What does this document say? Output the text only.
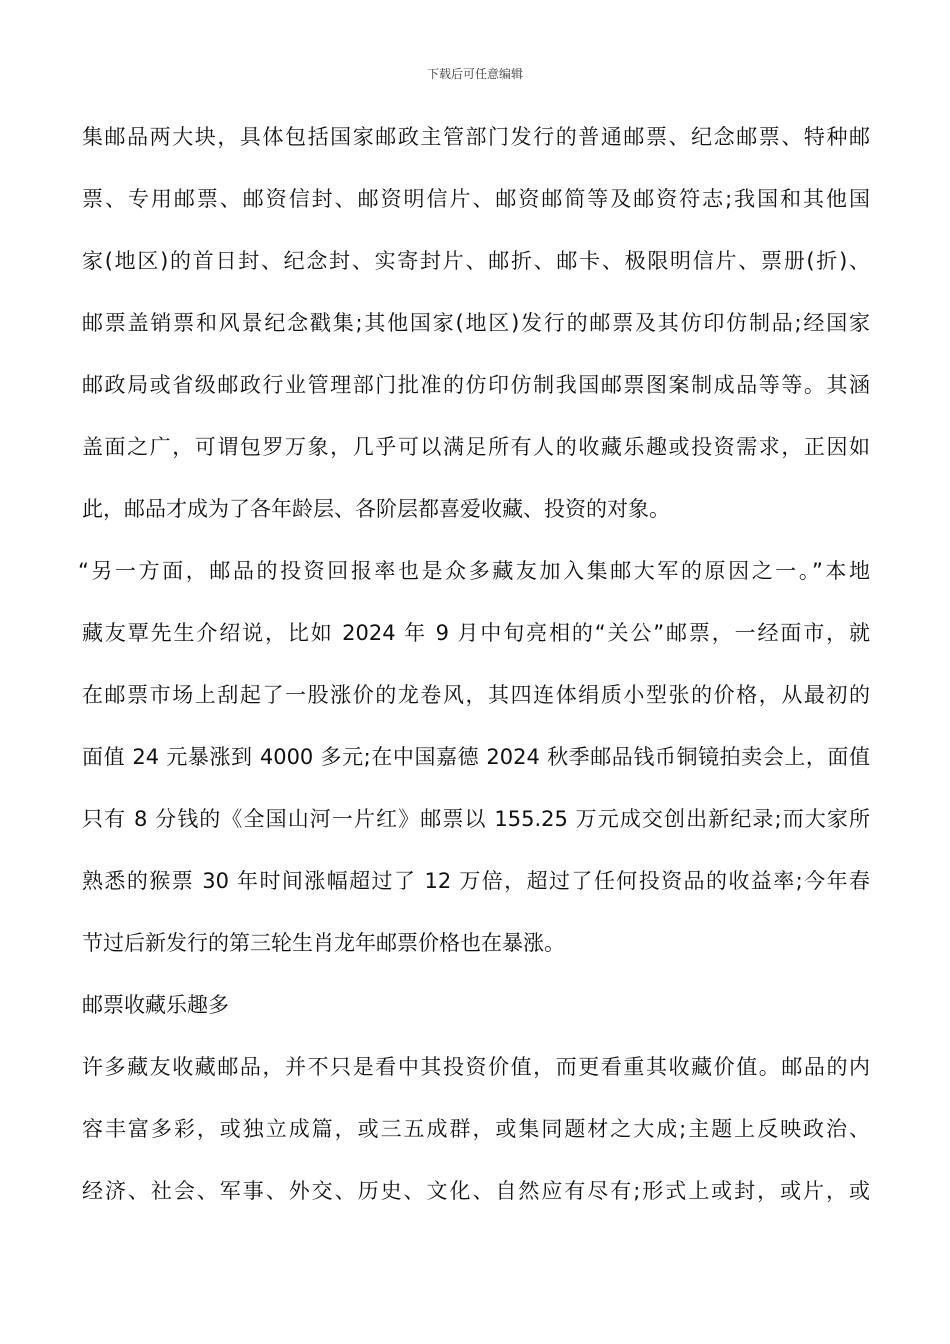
下载后可任意编辑
集邮品两大块，具体包括国家邮政主管部门发行的普通邮票、纪念邮票、特种邮
票、专用邮票、邮资信封、邮资明信片、邮资邮简等及邮资符志;我国和其他国
家(地区)的首日封、纪念封、实寄封片、邮折、邮卡、极限明信片、票册(折)、
邮票盖销票和风景纪念戳集;其他国家(地区)发行的邮票及其仿印仿制品;经国家
邮政局或省级邮政行业管理部门批准的仿印仿制我国邮票图案制成品等等。其涵
盖面之广，可谓包罗万象，几乎可以满足所有人的收藏乐趣或投资需求，正因如
此，邮品才成为了各年龄层、各阶层都喜爱收藏、投资的对象。
“另一方面，邮品的投资回报率也是众多藏友加入集邮大军的原因之一。”本地
藏友覃先生介绍说，比如 2024 年 9 月中旬亮相的“关公”邮票，一经面市，就
在邮票市场上刮起了一股涨价的龙卷风，其四连体绢质小型张的价格，从最初的
面值 24 元暴涨到 4000 多元;在中国嘉德 2024 秋季邮品钱币铜镜拍卖会上，面值
只有 8 分钱的《全国山河一片红》邮票以 155.25 万元成交创出新纪录;而大家所
熟悉的猴票 30 年时间涨幅超过了 12 万倍，超过了任何投资品的收益率;今年春
节过后新发行的第三轮生肖龙年邮票价格也在暴涨。
邮票收藏乐趣多
许多藏友收藏邮品，并不只是看中其投资价值，而更看重其收藏价值。邮品的内
容丰富多彩，或独立成篇，或三五成群，或集同题材之大成;主题上反映政治、
经济、社会、军事、外交、历史、文化、自然应有尽有;形式上或封，或片，或
